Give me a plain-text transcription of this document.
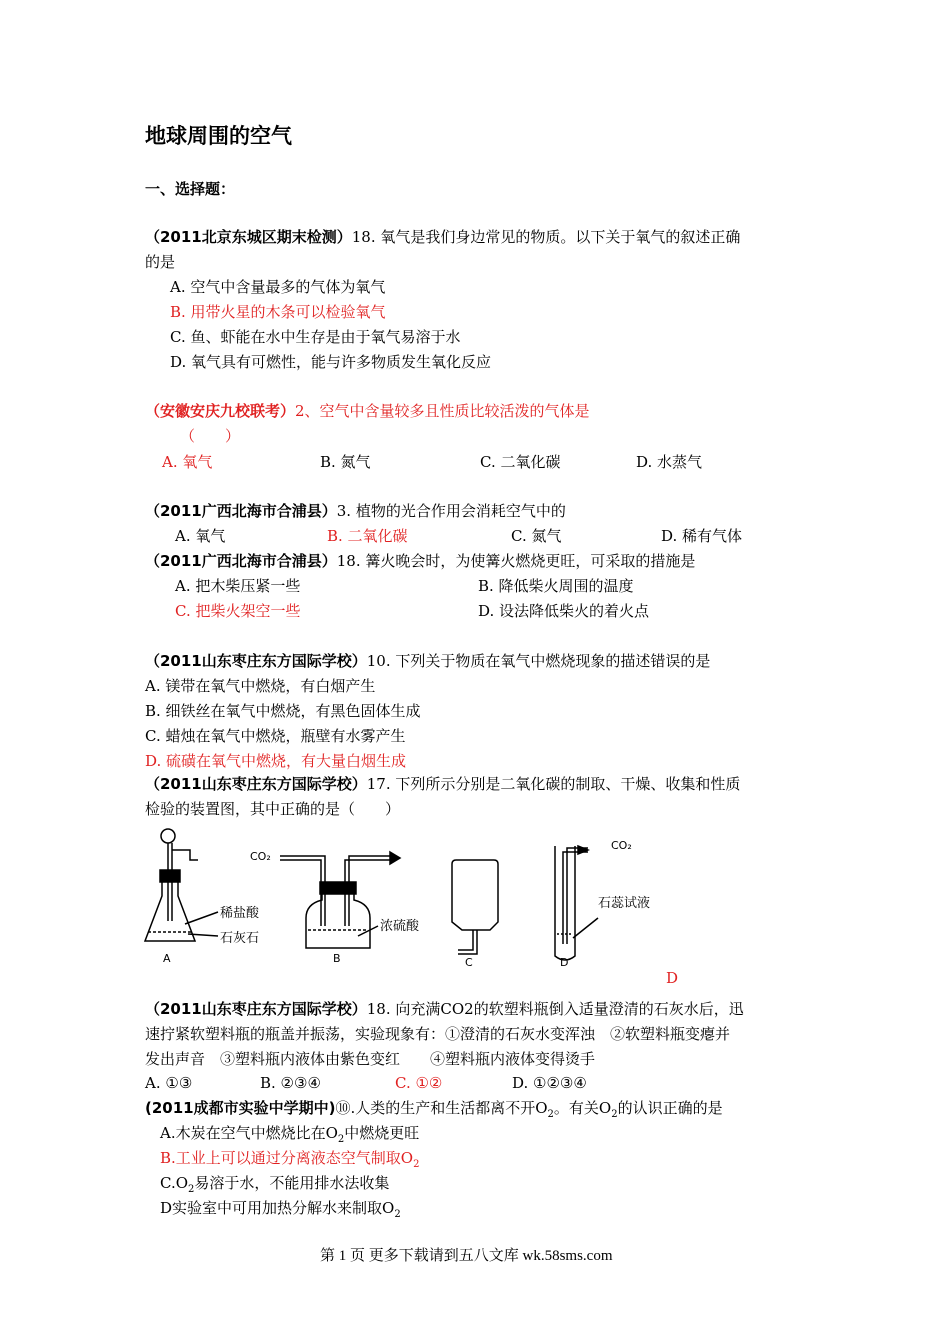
地球周围的空气
一、选择题：
（2011北京东城区期末检测）18. 氧气是我们身边常见的物质。以下关于氧气的叙述正确
的是
A. 空气中含量最多的气体为氧气
B. 用带火星的木条可以检验氧气
C. 鱼、虾能在水中生存是由于氧气易溶于水
D. 氧气具有可燃性，能与许多物质发生氧化反应
（安徽安庆九校联考）2、空气中含量较多且性质比较活泼的气体是
（　　）
A. 氧气	B. 氮气	C. 二氧化碳	D. 水蒸气
（2011广西北海市合浦县）3. 植物的光合作用会消耗空气中的
A. 氧气	B. 二氧化碳	C. 氮气	D. 稀有气体
（2011广西北海市合浦县）18. 篝火晚会时，为使篝火燃烧更旺，可采取的措施是
A. 把木柴压紧一些	B. 降低柴火周围的温度
C. 把柴火架空一些	D. 设法降低柴火的着火点
（2011山东枣庄东方国际学校）10. 下列关于物质在氧气中燃烧现象的描述错误的是
A. 镁带在氧气中燃烧，有白烟产生
B. 细铁丝在氧气中燃烧，有黑色固体生成
C. 蜡烛在氧气中燃烧，瓶壁有水雾产生
D. 硫磺在氧气中燃烧，有大量白烟生成
（2011山东枣庄东方国际学校）17. 下列所示分别是二氧化碳的制取、干燥、收集和性质
检验的装置图，其中正确的是（　　）
稀盐酸
石灰石
A
CO₂
浓硫酸
B	C
CO₂
石蕊试液
D
D
（2011山东枣庄东方国际学校）18. 向充满CO2的软塑料瓶倒入适量澄清的石灰水后，迅
速拧紧软塑料瓶的瓶盖并振荡，实验现象有：①澄清的石灰水变浑浊　②软塑料瓶变瘪并
发出声音　③塑料瓶内液体由紫色变红　　④塑料瓶内液体变得烫手
A. ①③	B. ②③④	C. ①②	D. ①②③④
(2011成都市实验中学期中)⑩.人类的生产和生活都离不开$O_2$。有关$O_2$的认识正确的是
A.木炭在空气中燃烧比在$O_2$中燃烧更旺
B.工业上可以通过分离液态空气制取$O_2$
$C.O_2$易溶于水，不能用排水法收集
D实验室中可用加热分解水来制取$O_2$
第 1 页 更多下载请到五八文库 wk.58sms.com
